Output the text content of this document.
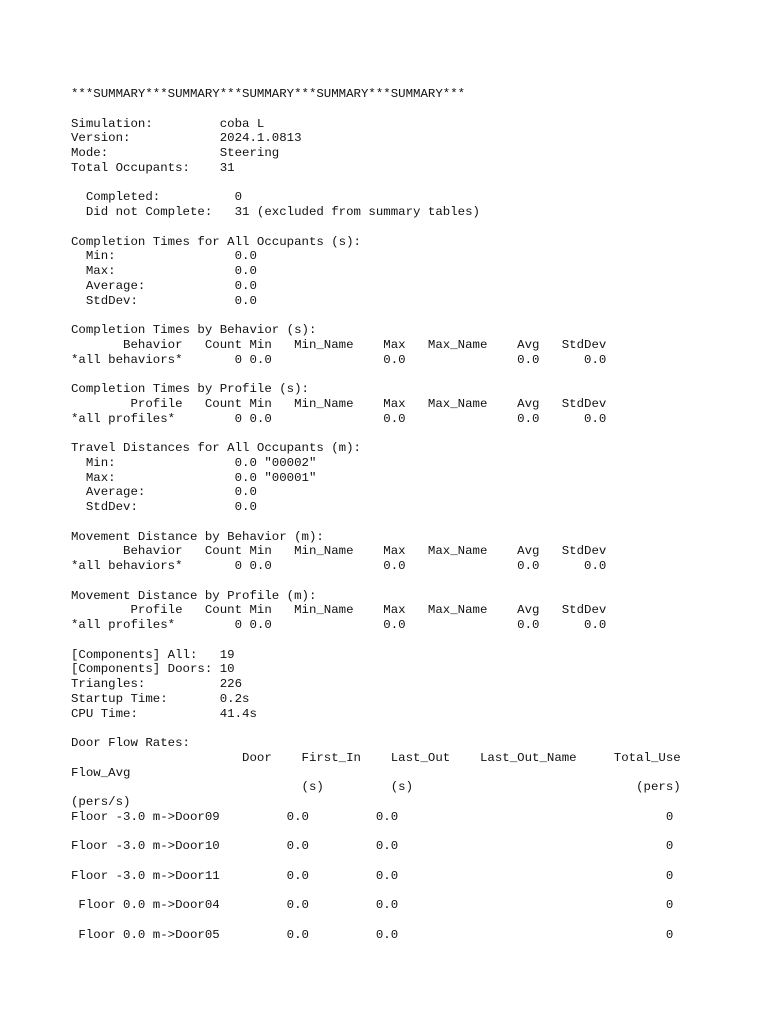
***SUMMARY***SUMMARY***SUMMARY***SUMMARY***SUMMARY***
Simulation:         coba L
Version:            2024.1.0813
Mode:               Steering
Total Occupants:    31
Completed:          0
Did not Complete:   31 (excluded from summary tables)
Completion Times for All Occupants (s):
Min:                0.0
Max:                0.0
Average:            0.0
StdDev:             0.0
Completion Times by Behavior (s):
Behavior   Count Min   Min_Name    Max   Max_Name    Avg   StdDev
*all behaviors*       0 0.0               0.0               0.0      0.0
Completion Times by Profile (s):
Profile   Count Min   Min_Name    Max   Max_Name    Avg   StdDev
*all profiles*        0 0.0               0.0               0.0      0.0
Travel Distances for All Occupants (m):
Min:                0.0 "00002"
Max:                0.0 "00001"
Average:            0.0
StdDev:             0.0
Movement Distance by Behavior (m):
Behavior   Count Min   Min_Name    Max   Max_Name    Avg   StdDev
*all behaviors*       0 0.0               0.0               0.0      0.0
Movement Distance by Profile (m):
Profile   Count Min   Min_Name    Max   Max_Name    Avg   StdDev
*all profiles*        0 0.0               0.0               0.0      0.0
[Components] All:   19
[Components] Doors: 10
Triangles:          226
Startup Time:       0.2s
CPU Time:           41.4s
Door Flow Rates:
Door    First_In    Last_Out    Last_Out_Name     Total_Use
Flow_Avg
(s)         (s)                              (pers)
(pers/s)
Floor -3.0 m->Door09         0.0         0.0                                    0
Floor -3.0 m->Door10         0.0         0.0                                    0
Floor -3.0 m->Door11         0.0         0.0                                    0
Floor 0.0 m->Door04         0.0         0.0                                    0
Floor 0.0 m->Door05         0.0         0.0                                    0
